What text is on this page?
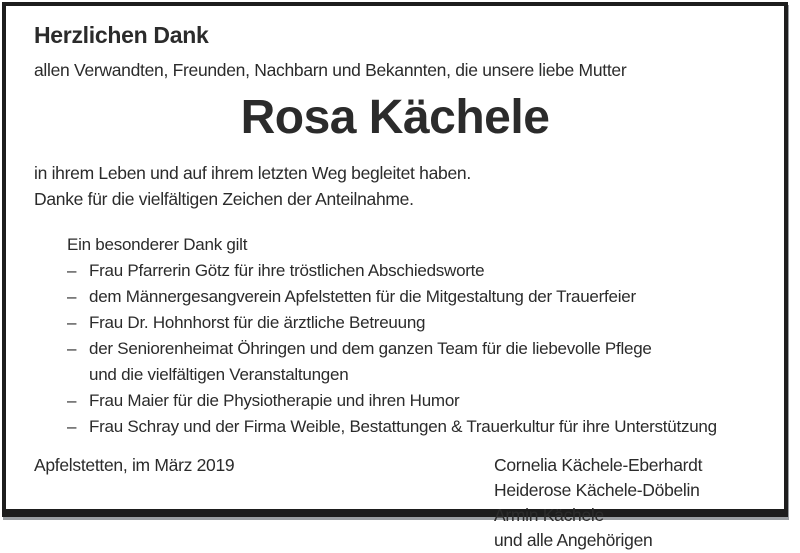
Herzlichen Dank

allen Verwandten, Freunden, Nachbarn und Bekannten, die unsere liebe Mutter

Rosa Kächele

in ihrem Leben und auf ihrem letzten Weg begleitet haben.

Danke für die vielfältigen Zeichen der Anteilnahme.

Ein besonderer Dank gilt

– Frau Pfarrerin Götz für ihre tröstlichen Abschiedsworte
– dem Männergesangverein Apfelstetten für die Mitgestaltung der Trauerfeier
– Frau Dr. Hohnhorst für die ärztliche Betreuung
– der Seniorenheimat Öhringen und dem ganzen Team für die liebevolle Pflege
und die vielfältigen Veranstaltungen
– Frau Maier für die Physiotherapie und ihren Humor
– Frau Schray und der Firma Weible, Bestattungen & Trauerkultur für ihre Unterstützung
Apfelstetten, im März 2019	Cornelia Kächele-Eberhardt
Heiderose Kächele-Döbelin
Armin Kächele
und alle Angehörigen
